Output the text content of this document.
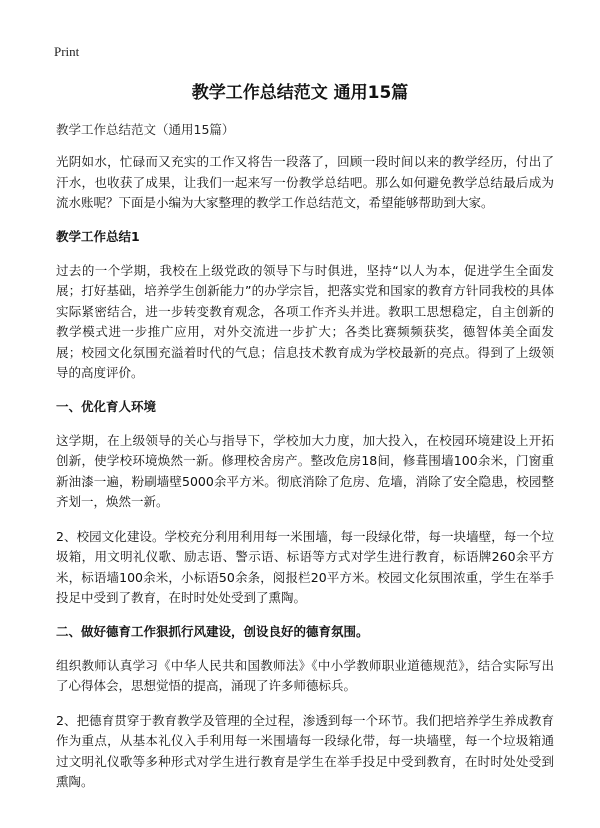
Print
教学工作总结范文 通用15篇
教学工作总结范文（通用15篇）

光阴如水，忙碌而又充实的工作又将告一段落了，回顾一段时间以来的教学经历，付出了汗水，也收获了成果，让我们一起来写一份教学总结吧。那么如何避免教学总结最后成为流水账呢？下面是小编为大家整理的教学工作总结范文，希望能够帮助到大家。

教学工作总结1

过去的一个学期，我校在上级党政的领导下与时俱进，坚持“以人为本，促进学生全面发展；打好基础，培养学生创新能力”的办学宗旨，把落实党和国家的教育方针同我校的具体实际紧密结合，进一步转变教育观念，各项工作齐头并进。教职工思想稳定，自主创新的教学模式进一步推广应用，对外交流进一步扩大；各类比赛频频获奖，德智体美全面发展；校园文化氛围充溢着时代的气息；信息技术教育成为学校最新的亮点。得到了上级领导的高度评价。

一、优化育人环境

这学期，在上级领导的关心与指导下，学校加大力度，加大投入，在校园环境建设上开拓创新，使学校环境焕然一新。修理校舍房产。整改危房18间，修葺围墙100余米，门窗重新油漆一遍，粉刷墙壁5000余平方米。彻底消除了危房、危墙，消除了安全隐患，校园整齐划一，焕然一新。

2、校园文化建设。学校充分利用利用每一米围墙，每一段绿化带，每一块墙壁，每一个垃圾箱，用文明礼仪歌、励志语、警示语、标语等方式对学生进行教育，标语牌260余平方米，标语墙100余米，小标语50余条，阅报栏20平方米。校园文化氛围浓重，学生在举手投足中受到了教育，在时时处处受到了熏陶。

二、做好德育工作狠抓行风建设，创设良好的德育氛围。

组织教师认真学习《中华人民共和国教师法》《中小学教师职业道德规范》，结合实际写出了心得体会，思想觉悟的提高，涌现了许多师德标兵。

2、把德育贯穿于教育教学及管理的全过程，渗透到每一个环节。我们把培养学生养成教育作为重点，从基本礼仪入手利用每一米围墙每一段绿化带，每一块墙壁，每一个垃圾箱通过文明礼仪歌等多种形式对学生进行教育是学生在举手投足中受到教育，在时时处处受到熏陶。
